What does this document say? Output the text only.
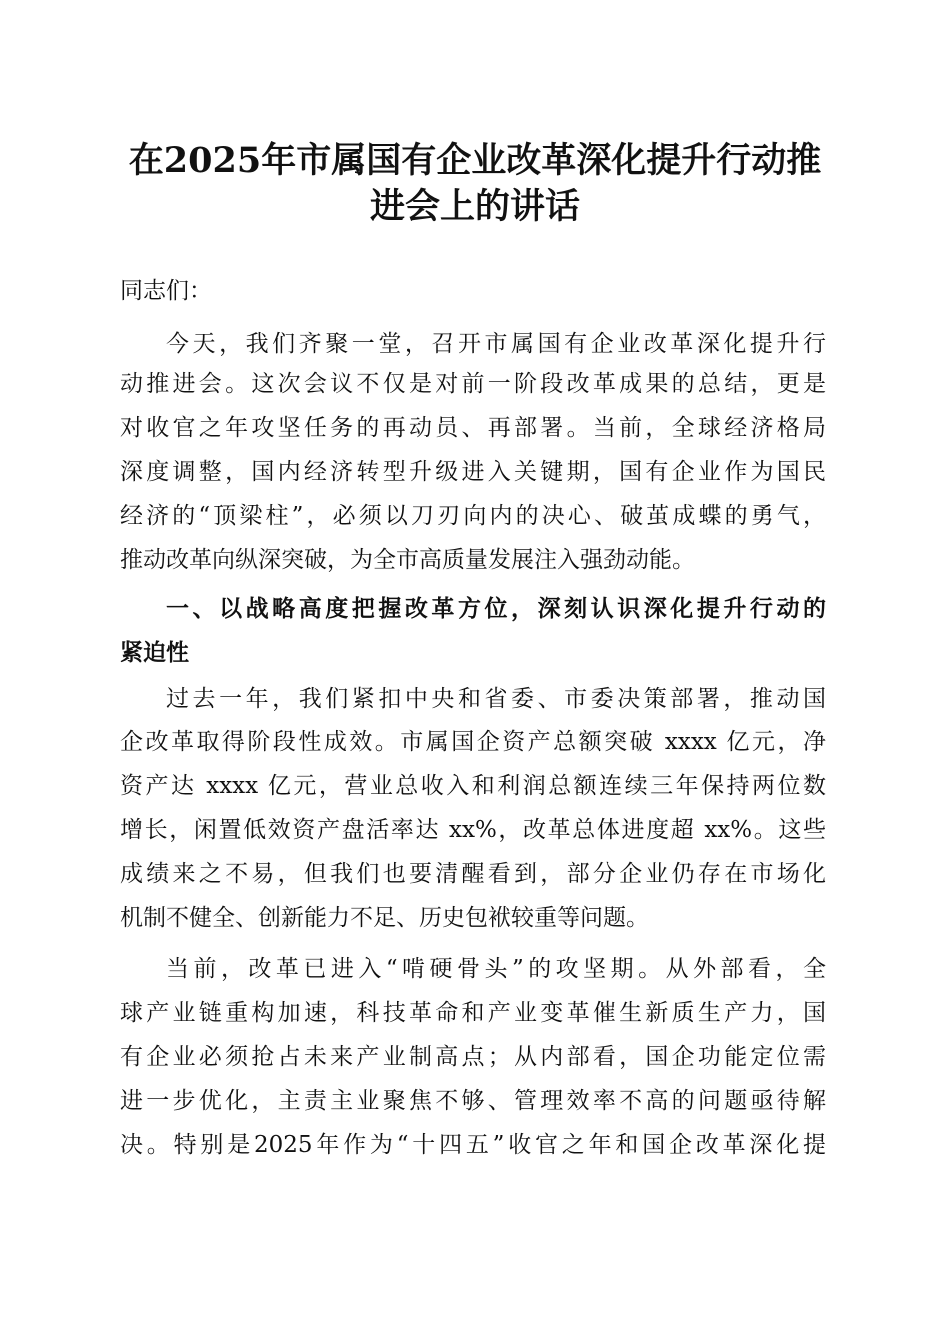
在2025年市属国有企业改革深化提升行动推
进会上的讲话

同志们：

今天，我们齐聚一堂，召开市属国有企业改革深化提升行

动推进会。这次会议不仅是对前一阶段改革成果的总结，更是

对收官之年攻坚任务的再动员、再部署。当前，全球经济格局

深度调整，国内经济转型升级进入关键期，国有企业作为国民

经济的“顶梁柱”，必须以刀刃向内的决心、破茧成蝶的勇气，

推动改革向纵深突破，为全市高质量发展注入强劲动能。

一、以战略高度把握改革方位，深刻认识深化提升行动的

紧迫性

过去一年，我们紧扣中央和省委、市委决策部署，推动国

企改革取得阶段性成效。市属国企资产总额突破 xxxx 亿元，净

资产达 xxxx 亿元，营业总收入和利润总额连续三年保持两位数

增长，闲置低效资产盘活率达 xx%，改革总体进度超 xx%。这些

成绩来之不易，但我们也要清醒看到，部分企业仍存在市场化

机制不健全、创新能力不足、历史包袱较重等问题。

当前，改革已进入“啃硬骨头”的攻坚期。从外部看，全

球产业链重构加速，科技革命和产业变革催生新质生产力，国

有企业必须抢占未来产业制高点；从内部看，国企功能定位需

进一步优化，主责主业聚焦不够、管理效率不高的问题亟待解

决。特别是2025年作为“十四五”收官之年和国企改革深化提
